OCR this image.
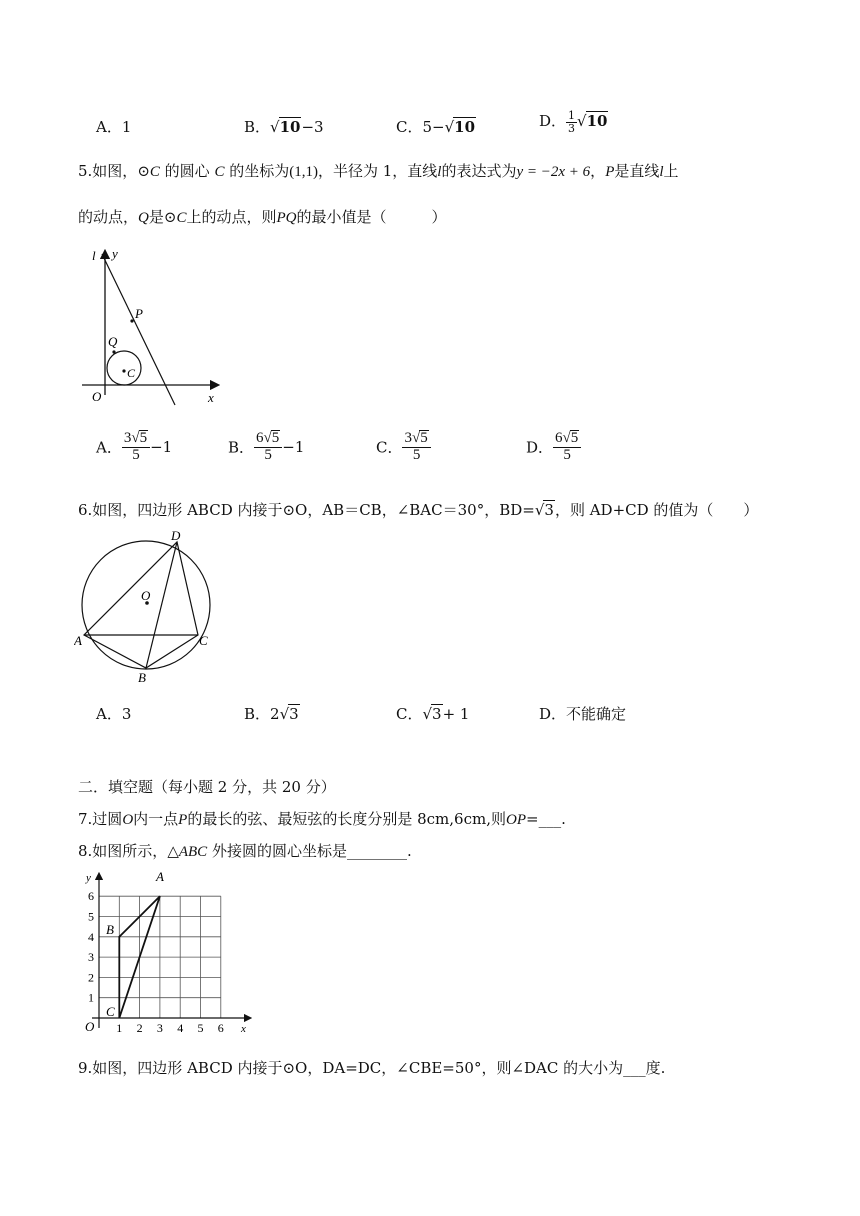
A．1	B．√10−3	C．5−√10	D． $\frac{1}{3} √10$
5.如图，⊙C 的圆心 C 的坐标为(1,1)，半径为 1，直线l的表达式为y = −2x + 6，P是直线l上
的动点，Q是⊙C上的动点，则PQ的最小值是（　　　）
l y
P
Q
C
O	x
A． $\frac{3√5}{5} -1$	B． $\frac{6√5}{5} -1$	C． $\frac{3√5}{5}$	D． $\frac{6√5}{5}$
6.如图，四边形 ABCD 内接于⊙O，AB＝CB，∠BAC＝30°，BD=√3，则 AD+CD 的值为（　　）
D
O
A	C
B
A．3	B．2√3	C．√3+ 1	D．不能确定
二．填空题（每小题 2 分，共 20 分）
7.过圆O内一点P的最长的弦、最短弦的长度分别是 8cm,6cm,则OP=___.
8.如图所示，△ABC 外接圆的圆心坐标是________.
6
5
4
3
2
1
1 2 3 4 5 6
y
x
O
A
B
C
9.如图，四边形 ABCD 内接于⊙O，DA=DC，∠CBE=50°，则∠DAC 的大小为___度.
